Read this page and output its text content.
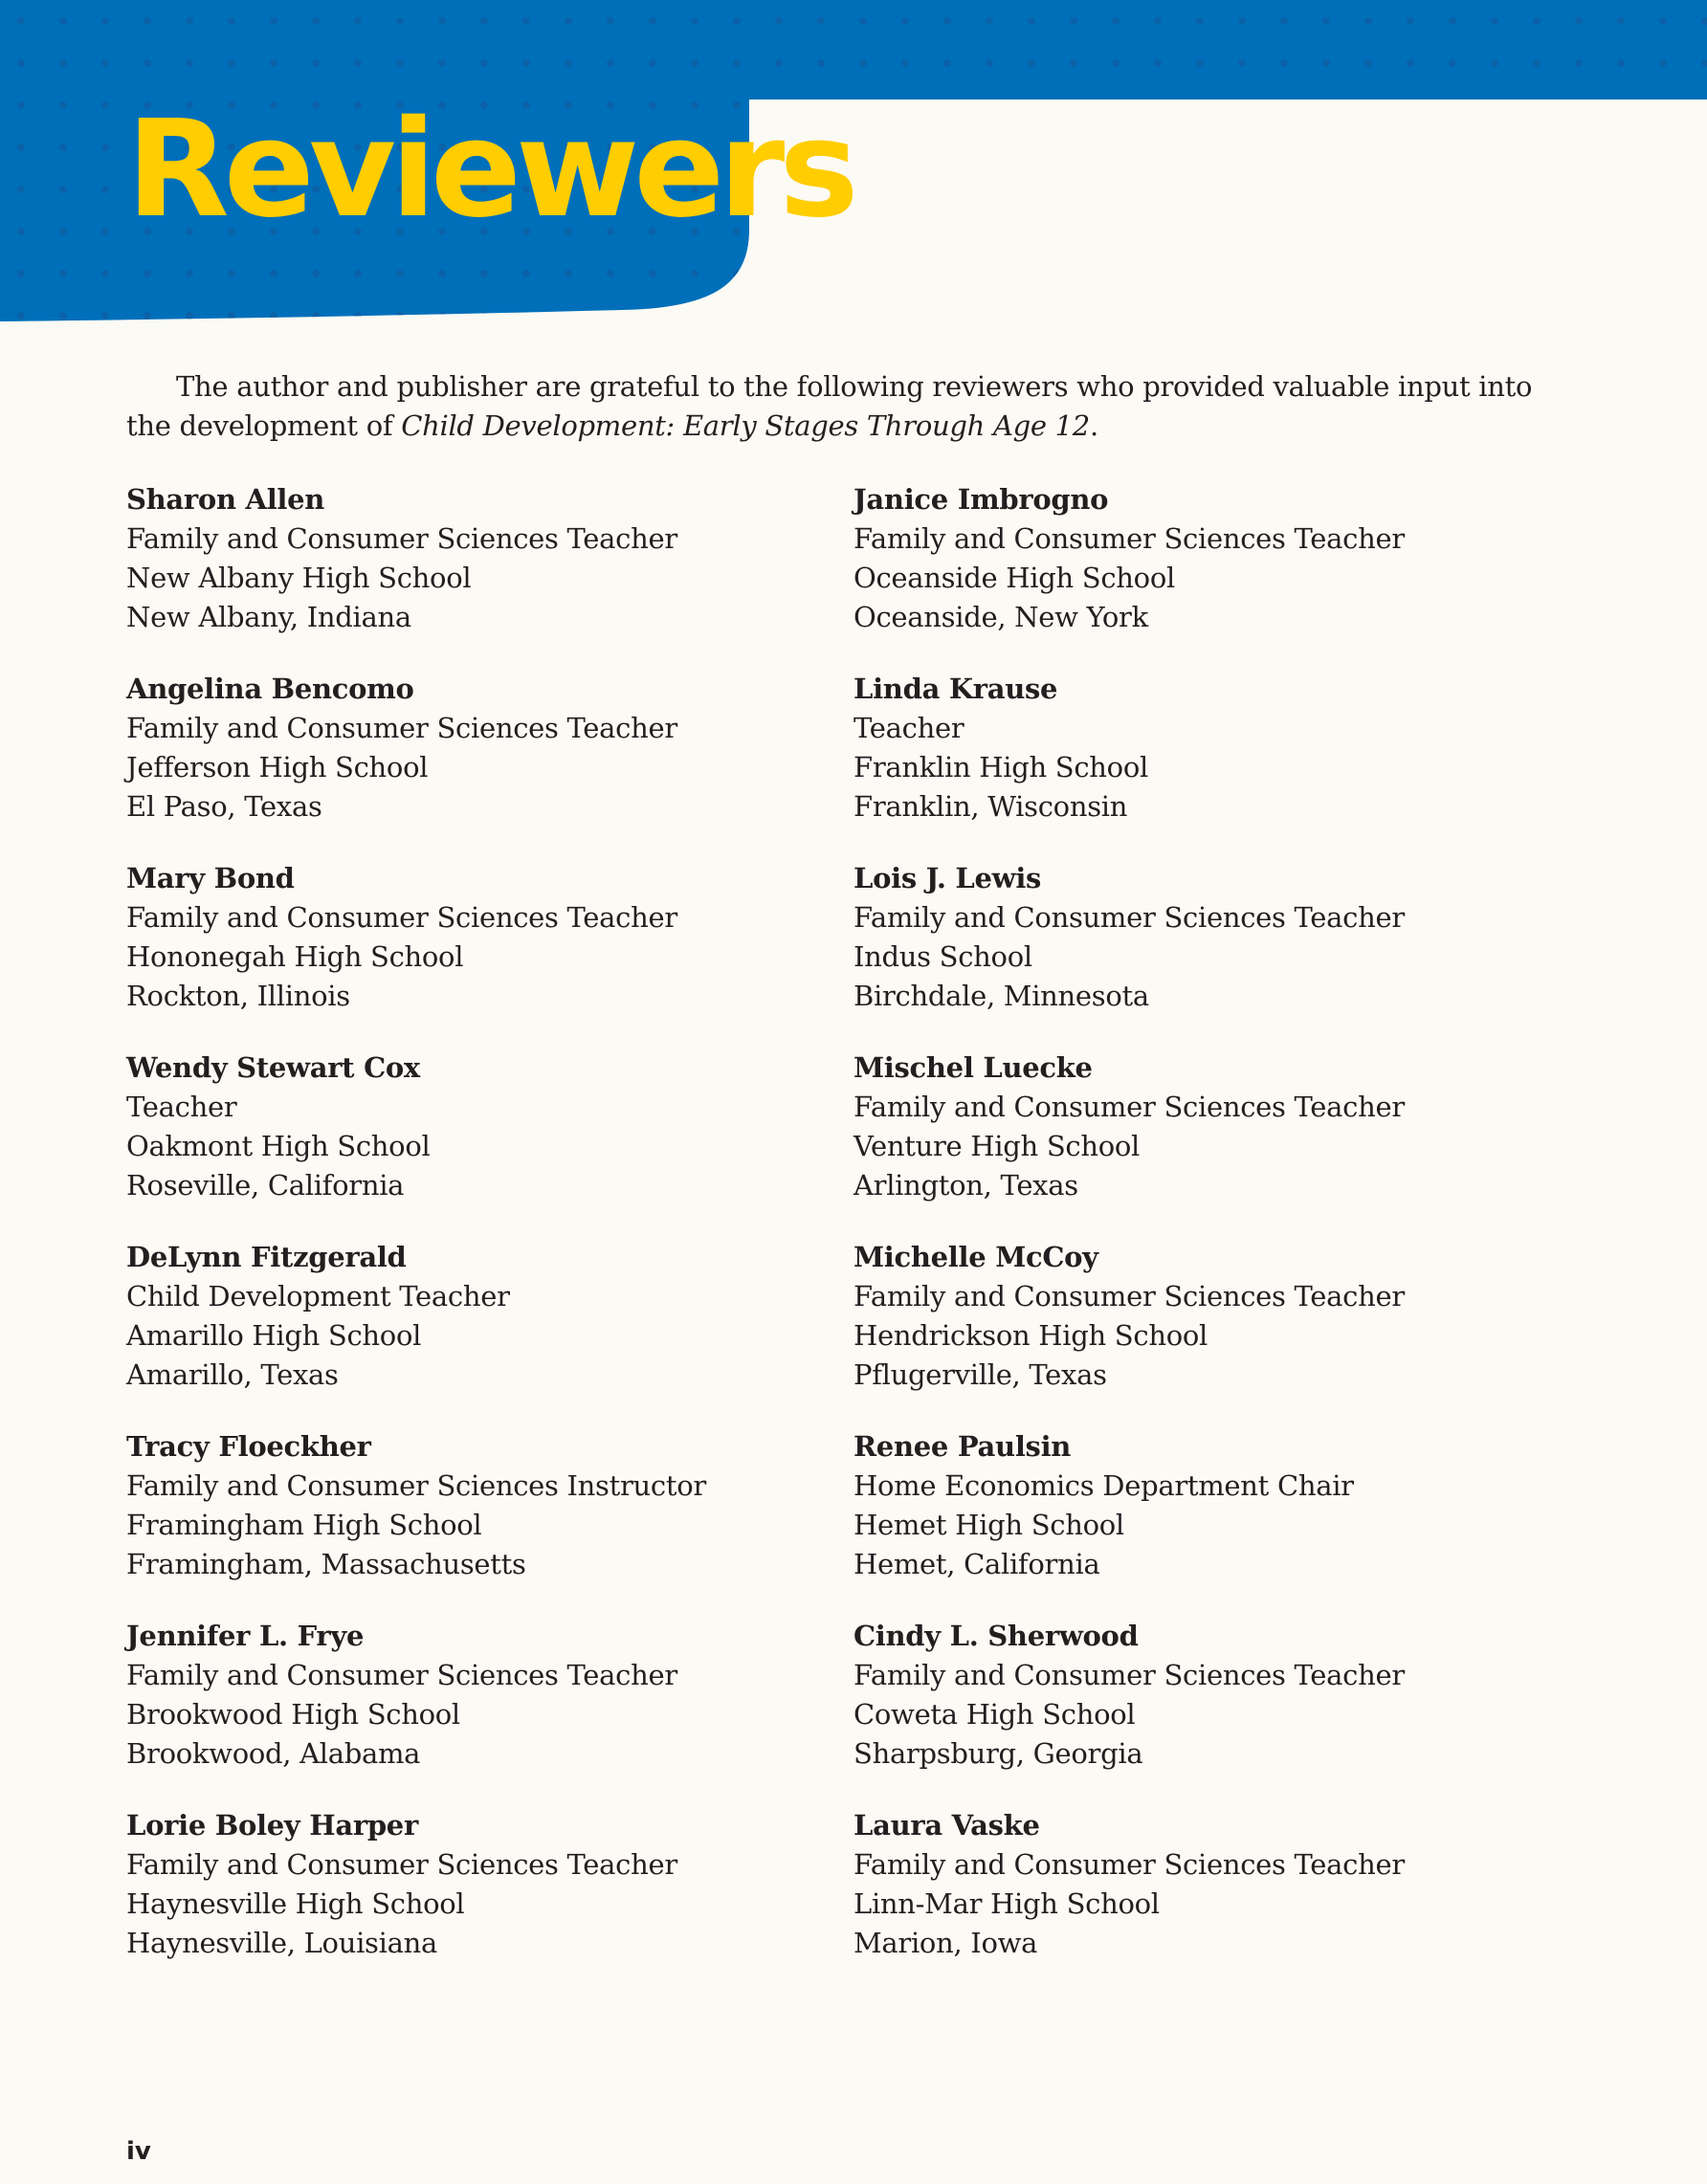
Reviewers

The author and publisher are grateful to the following reviewers who provided valuable input into the development of Child Development: Early Stages Through Age 12.

Sharon Allen
Family and Consumer Sciences Teacher
New Albany High School
New Albany, Indiana
Angelina Bencomo
Family and Consumer Sciences Teacher
Jefferson High School
El Paso, Texas
Mary Bond
Family and Consumer Sciences Teacher
Hononegah High School
Rockton, Illinois
Wendy Stewart Cox
Teacher
Oakmont High School
Roseville, California
DeLynn Fitzgerald
Child Development Teacher
Amarillo High School
Amarillo, Texas
Tracy Floeckher
Family and Consumer Sciences Instructor
Framingham High School
Framingham, Massachusetts
Jennifer L. Frye
Family and Consumer Sciences Teacher
Brookwood High School
Brookwood, Alabama
Lorie Boley Harper
Family and Consumer Sciences Teacher
Haynesville High School
Haynesville, Louisiana
Janice Imbrogno
Family and Consumer Sciences Teacher
Oceanside High School
Oceanside, New York
Linda Krause
Teacher
Franklin High School
Franklin, Wisconsin
Lois J. Lewis
Family and Consumer Sciences Teacher
Indus School
Birchdale, Minnesota
Mischel Luecke
Family and Consumer Sciences Teacher
Venture High School
Arlington, Texas
Michelle McCoy
Family and Consumer Sciences Teacher
Hendrickson High School
Pflugerville, Texas
Renee Paulsin
Home Economics Department Chair
Hemet High School
Hemet, California
Cindy L. Sherwood
Family and Consumer Sciences Teacher
Coweta High School
Sharpsburg, Georgia
Laura Vaske
Family and Consumer Sciences Teacher
Linn-Mar High School
Marion, Iowa
iv
